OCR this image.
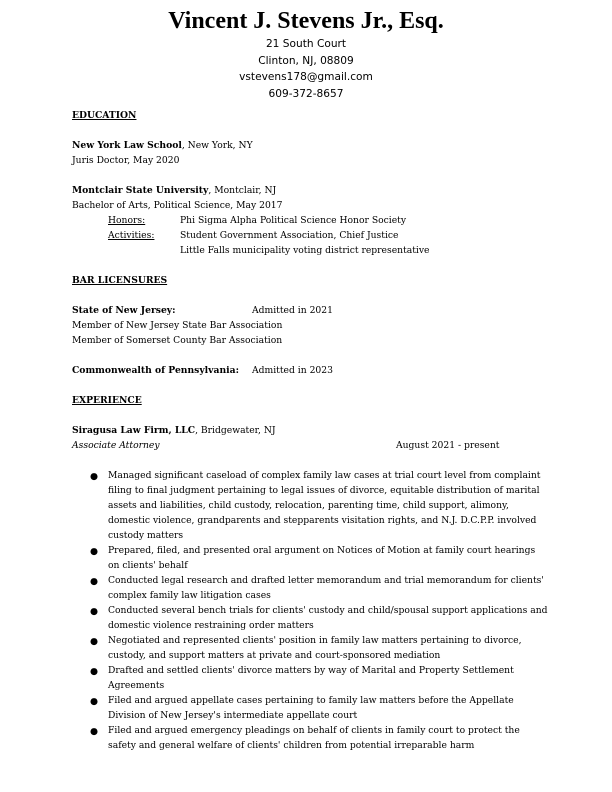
Vincent J. Stevens Jr., Esq.
21 South Court
Clinton, NJ, 08809
vstevens178@gmail.com
609-372-8657
EDUCATION
New York Law School, New York, NY
Juris Doctor, May 2020
Montclair State University, Montclair, NJ
Bachelor of Arts, Political Science, May 2017
Honors:	Phi Sigma Alpha Political Science Honor Society
Activities:	Student Government Association, Chief Justice
Little Falls municipality voting district representative
BAR LICENSURES
State of New Jersey:	Admitted in 2021
Member of New Jersey State Bar Association
Member of Somerset County Bar Association
Commonwealth of Pennsylvania: Admitted in 2023
EXPERIENCE
Siragusa Law Firm, LLC, Bridgewater, NJ
Associate Attorney	August 2021 - present
● Managed significant caseload of complex family law cases at trial court level from complaint filing to final judgment pertaining to legal issues of divorce, equitable distribution of marital assets and liabilities, child custody, relocation, parenting time, child support, alimony, domestic violence, grandparents and stepparents visitation rights, and N.J. D.C.P.P. involved custody matters
● Prepared, filed, and presented oral argument on Notices of Motion at family court hearings on clients' behalf
● Conducted legal research and drafted letter memorandum and trial memorandum for clients' complex family law litigation cases
● Conducted several bench trials for clients' custody and child/spousal support applications and domestic violence restraining order matters
● Negotiated and represented clients' position in family law matters pertaining to divorce, custody, and support matters at private and court-sponsored mediation
● Drafted and settled clients' divorce matters by way of Marital and Property Settlement Agreements
● Filed and argued appellate cases pertaining to family law matters before the Appellate Division of New Jersey's intermediate appellate court
● Filed and argued emergency pleadings on behalf of clients in family court to protect the safety and general welfare of clients' children from potential irreparable harm
